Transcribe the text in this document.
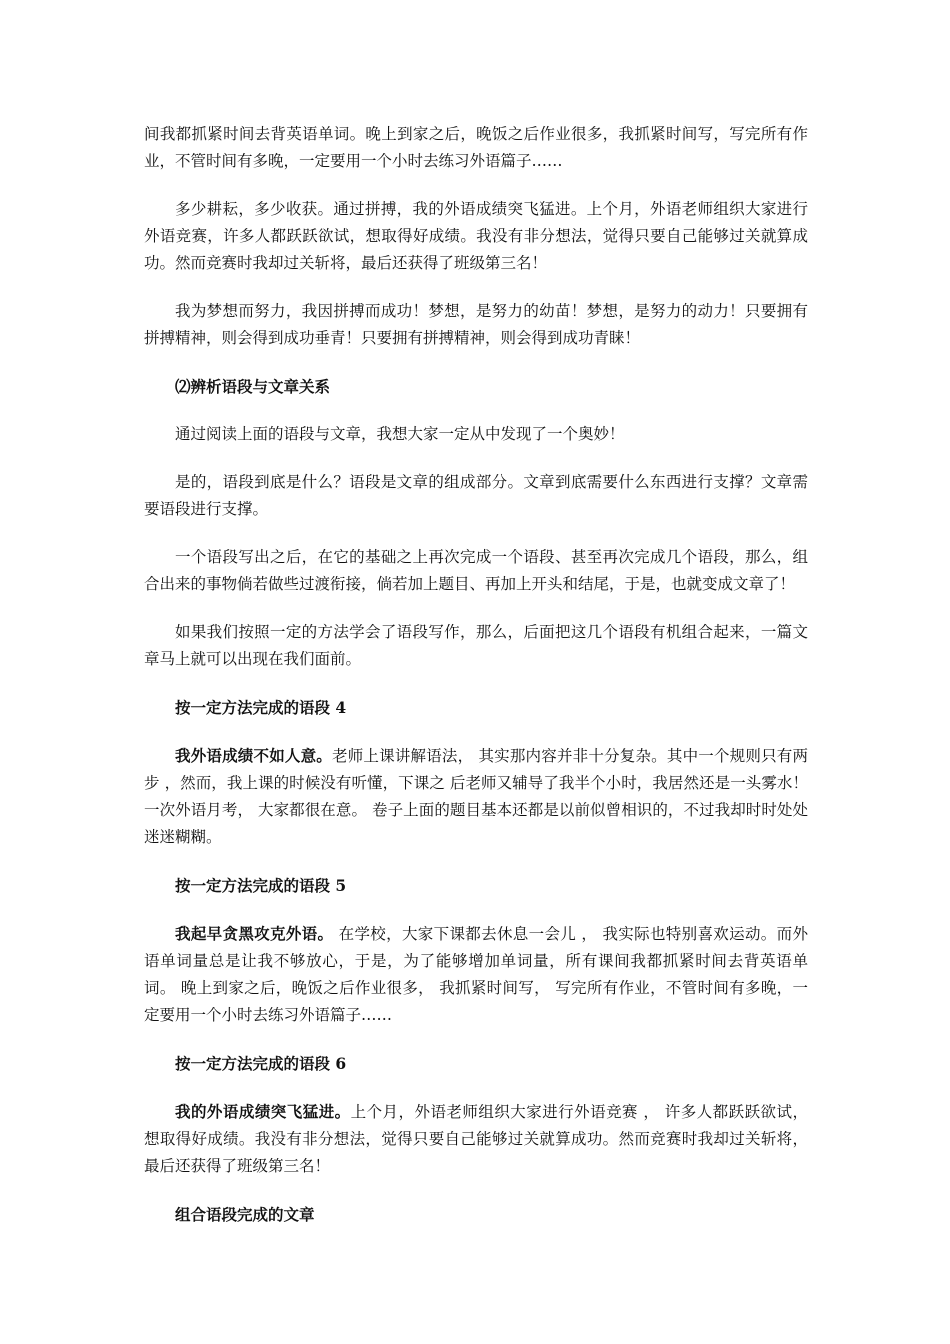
间我都抓紧时间去背英语单词。晚上到家之后，晚饭之后作业很多，我抓紧时间写，写完所有作业，不管时间有多晚，一定要用一个小时去练习外语篇子……

多少耕耘，多少收获。通过拼搏，我的外语成绩突飞猛进。上个月，外语老师组织大家进行外语竞赛，许多人都跃跃欲试，想取得好成绩。我没有非分想法，觉得只要自己能够过关就算成功。然而竞赛时我却过关斩将，最后还获得了班级第三名！

我为梦想而努力，我因拼搏而成功！梦想，是努力的幼苗！梦想，是努力的动力！只要拥有拼搏精神，则会得到成功垂青！只要拥有拼搏精神，则会得到成功青睐！

⑵辨析语段与文章关系

通过阅读上面的语段与文章，我想大家一定从中发现了一个奥妙！

是的，语段到底是什么？语段是文章的组成部分。文章到底需要什么东西进行支撑？文章需要语段进行支撑。

一个语段写出之后，在它的基础之上再次完成一个语段、甚至再次完成几个语段，那么，组合出来的事物倘若做些过渡衔接，倘若加上题目、再加上开头和结尾，于是，也就变成文章了！

如果我们按照一定的方法学会了语段写作，那么，后面把这几个语段有机组合起来，一篇文章马上就可以出现在我们面前。

按一定方法完成的语段 4

我外语成绩不如人意。老师上课讲解语法， 其实那内容并非十分复杂。其中一个规则只有两步 ，然而，我上课的时候没有听懂，下课之 后老师又辅导了我半个小时，我居然还是一头雾水！ 一次外语月考， 大家都很在意。 卷子上面的题目基本还都是以前似曾相识的，不过我却时时处处迷迷糊糊。

按一定方法完成的语段 5

我起早贪黑攻克外语。 在学校，大家下课都去休息一会儿 ， 我实际也特别喜欢运动。而外语单词量总是让我不够放心，于是，为了能够增加单词量，所有课间我都抓紧时间去背英语单词。 晚上到家之后，晚饭之后作业很多， 我抓紧时间写， 写完所有作业，不管时间有多晚，一定要用一个小时去练习外语篇子……

按一定方法完成的语段 6

我的外语成绩突飞猛进。上个月，外语老师组织大家进行外语竞赛 ， 许多人都跃跃欲试， 想取得好成绩。我没有非分想法，觉得只要自己能够过关就算成功。然而竞赛时我却过关斩将，最后还获得了班级第三名！

组合语段完成的文章
